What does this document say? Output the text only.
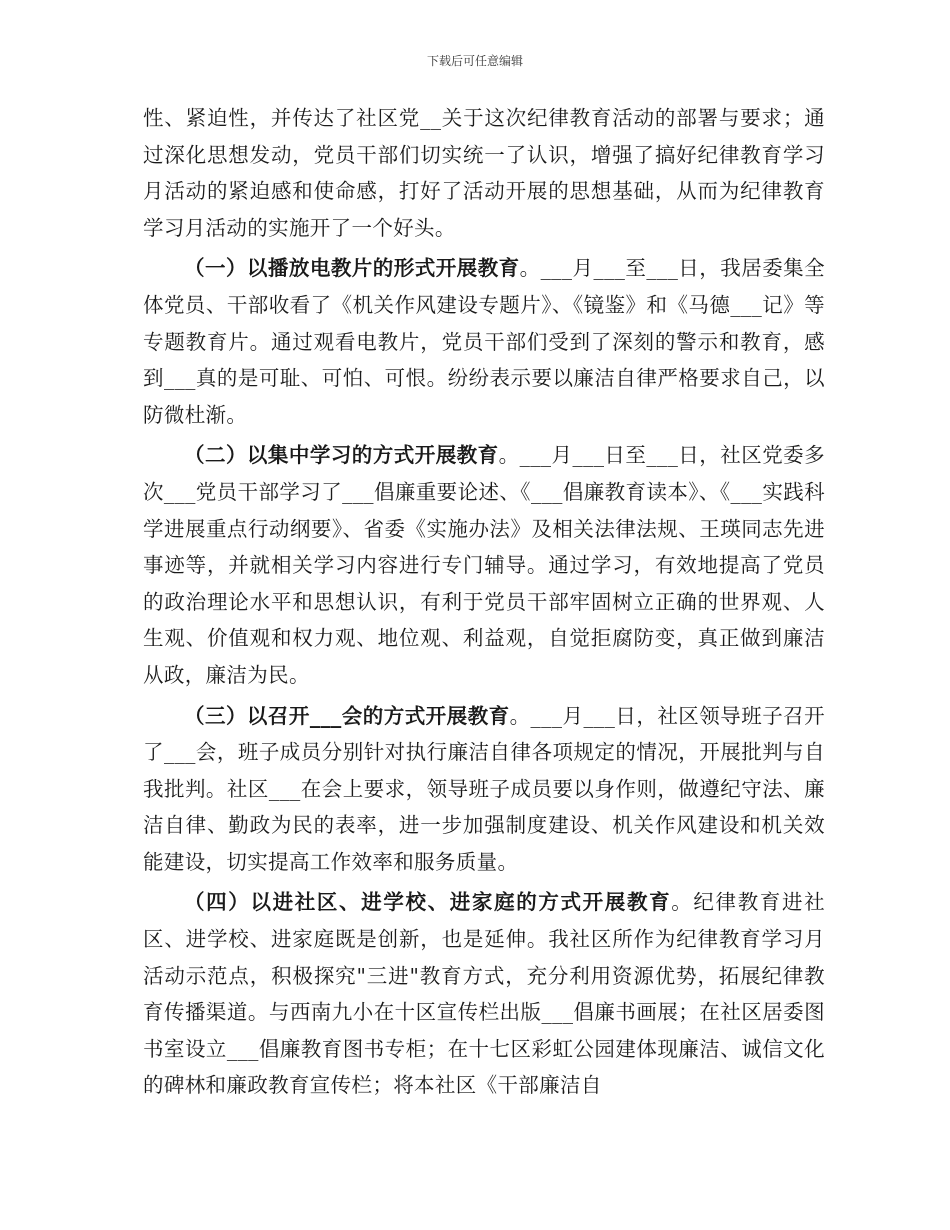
下载后可任意编辑

性、紧迫性，并传达了社区党__关于这次纪律教育活动的部署与要求；通过深化思想发动，党员干部们切实统一了认识，增强了搞好纪律教育学习月活动的紧迫感和使命感，打好了活动开展的思想基础，从而为纪律教育学习月活动的实施开了一个好头。

（一）以播放电教片的形式开展教育。___月___至___日，我居委集全体党员、干部收看了《机关作风建设专题片》、《镜鉴》和《马德___记》等专题教育片。通过观看电教片，党员干部们受到了深刻的警示和教育，感到___真的是可耻、可怕、可恨。纷纷表示要以廉洁自律严格要求自己，以防微杜渐。

（二）以集中学习的方式开展教育。___月___日至___日，社区党委多次___党员干部学习了___倡廉重要论述、《___倡廉教育读本》、《___实践科学进展重点行动纲要》、省委《实施办法》及相关法律法规、王瑛同志先进事迹等，并就相关学习内容进行专门辅导。通过学习，有效地提高了党员的政治理论水平和思想认识，有利于党员干部牢固树立正确的世界观、人生观、价值观和权力观、地位观、利益观，自觉拒腐防变，真正做到廉洁从政，廉洁为民。

（三）以召开___会的方式开展教育。___月___日，社区领导班子召开了___会，班子成员分别针对执行廉洁自律各项规定的情况，开展批判与自我批判。社区___在会上要求，领导班子成员要以身作则，做遵纪守法、廉洁自律、勤政为民的表率，进一步加强制度建设、机关作风建设和机关效能建设，切实提高工作效率和服务质量。

（四）以进社区、进学校、进家庭的方式开展教育。纪律教育进社区、进学校、进家庭既是创新，也是延伸。我社区所作为纪律教育学习月活动示范点，积极探究"三进"教育方式，充分利用资源优势，拓展纪律教育传播渠道。与西南九小在十区宣传栏出版___倡廉书画展；在社区居委图书室设立___倡廉教育图书专柜；在十七区彩虹公园建体现廉洁、诚信文化的碑林和廉政教育宣传栏；将本社区《干部廉洁自
